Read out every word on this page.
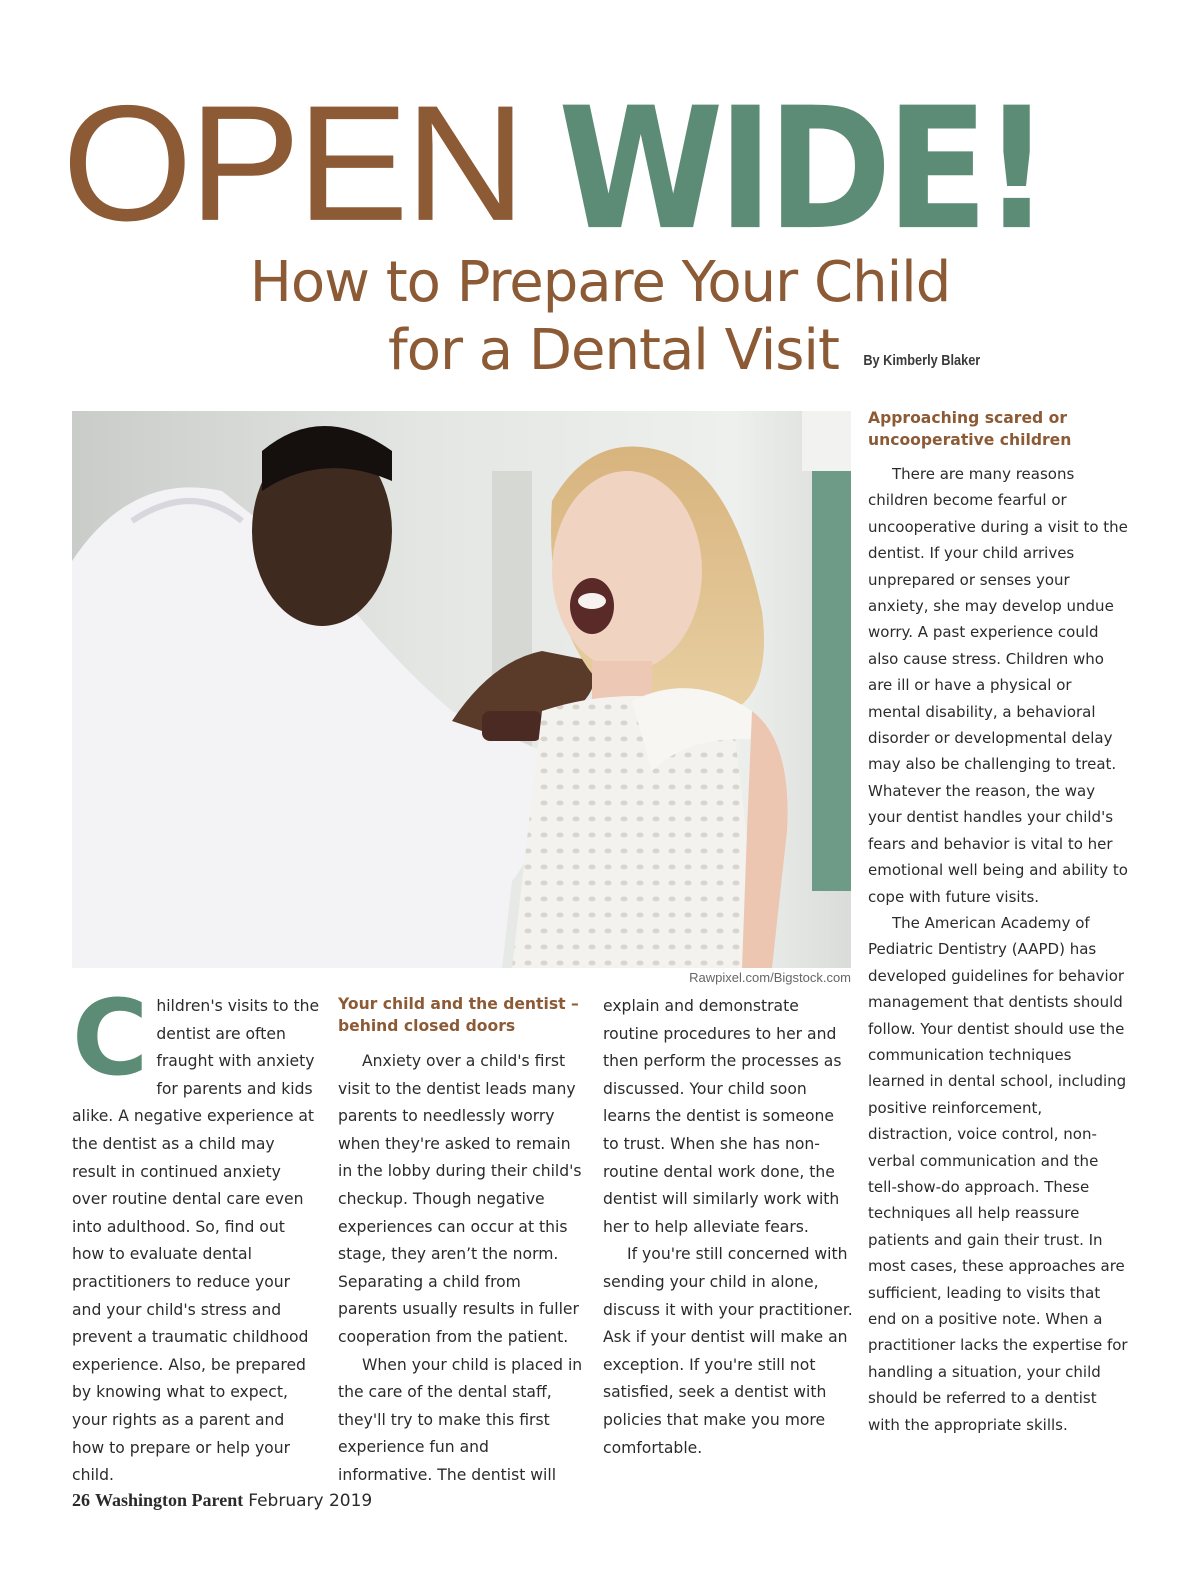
OPEN WIDE!
How to Prepare Your Child
for a Dental Visit By Kimberly Blaker
Rawpixel.com/Bigstock.com

Children's visits to the dentist are often fraught with anxiety for parents and kids alike. A negative experience at the dentist as a child may result in continued anxiety over routine dental care even into adulthood. So, find out how to evaluate dental practitioners to reduce your and your child's stress and prevent a traumatic childhood experience. Also, be prepared by knowing what to expect, your rights as a parent and how to prepare or help your child.

Your child and the dentist – behind closed doors

Anxiety over a child's first visit to the dentist leads many parents to needlessly worry when they're asked to remain in the lobby during their child's checkup. Though negative experiences can occur at this stage, they aren’t the norm. Separating a child from parents usually results in fuller cooperation from the patient.

When your child is placed in the care of the dental staff, they'll try to make this first experience fun and informative. The dentist will

explain and demonstrate routine procedures to her and then perform the processes as discussed. Your child soon learns the dentist is someone to trust. When she has non-routine dental work done, the dentist will similarly work with her to help alleviate fears.

If you're still concerned with sending your child in alone, discuss it with your practitioner. Ask if your dentist will make an exception. If you're still not satisfied, seek a dentist with policies that make you more comfortable.

Approaching scared or uncooperative children

There are many reasons children become fearful or uncooperative during a visit to the dentist. If your child arrives unprepared or senses your anxiety, she may develop undue worry. A past experience could also cause stress. Children who are ill or have a physical or mental disability, a behavioral disorder or developmental delay may also be challenging to treat. Whatever the reason, the way your dentist handles your child's fears and behavior is vital to her emotional well being and ability to cope with future visits.

The American Academy of Pediatric Dentistry (AAPD) has developed guidelines for behavior management that dentists should follow. Your dentist should use the communication techniques learned in dental school, including positive reinforcement, distraction, voice control, non-verbal communication and the tell-show-do approach. These techniques all help reassure patients and gain their trust. In most cases, these approaches are sufficient, leading to visits that end on a positive note. When a practitioner lacks the expertise for handling a situation, your child should be referred to a dentist with the appropriate skills.

26 Washington Parent February 2019
